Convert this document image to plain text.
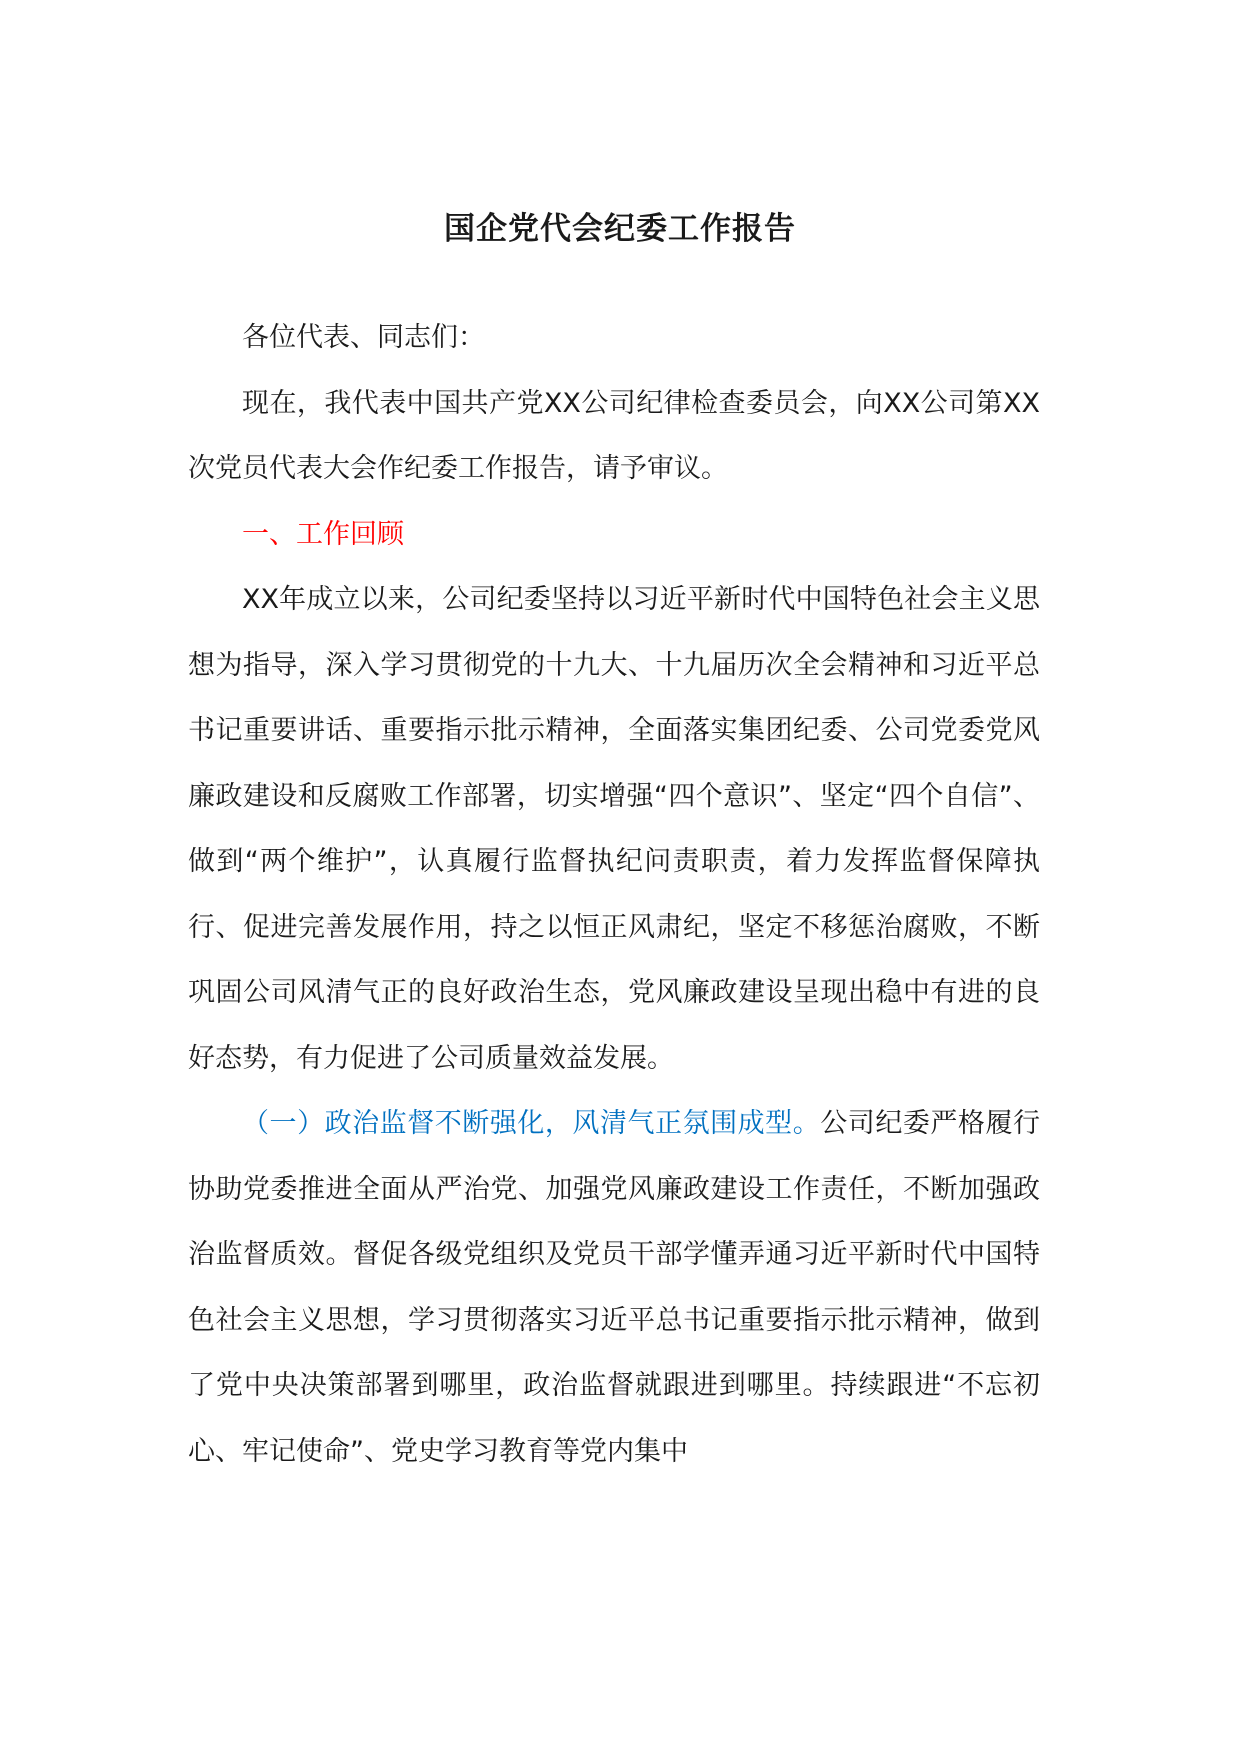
国企党代会纪委工作报告

各位代表、同志们：

现在，我代表中国共产党XX公司纪律检查委员会，向XX公司第XX次党员代表大会作纪委工作报告，请予审议。

一、工作回顾

XX年成立以来，公司纪委坚持以习近平新时代中国特色社会主义思想为指导，深入学习贯彻党的十九大、十九届历次全会精神和习近平总书记重要讲话、重要指示批示精神，全面落实集团纪委、公司党委党风廉政建设和反腐败工作部署，切实增强“四个意识”、坚定“四个自信”、做到“两个维护”，认真履行监督执纪问责职责，着力发挥监督保障执行、促进完善发展作用，持之以恒正风肃纪，坚定不移惩治腐败，不断巩固公司风清气正的良好政治生态，党风廉政建设呈现出稳中有进的良好态势，有力促进了公司质量效益发展。

（一）政治监督不断强化，风清气正氛围成型。公司纪委严格履行协助党委推进全面从严治党、加强党风廉政建设工作责任，不断加强政治监督质效。督促各级党组织及党员干部学懂弄通习近平新时代中国特色社会主义思想，学习贯彻落实习近平总书记重要指示批示精神，做到了党中央决策部署到哪里，政治监督就跟进到哪里。持续跟进“不忘初心、牢记使命”、党史学习教育等党内集中
